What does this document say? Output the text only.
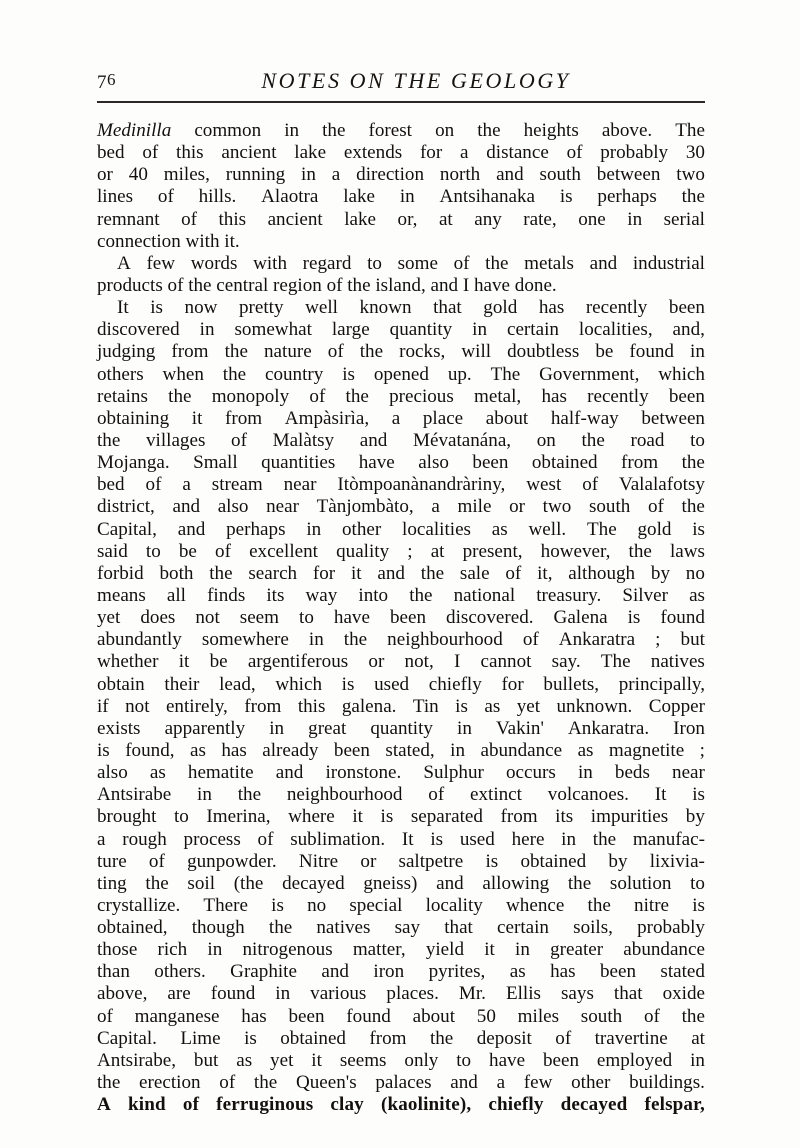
76	NOTES ON THE GEOLOGY
Medinilla common in the forest on the heights above. The
bed of this ancient lake extends for a distance of probably 30
or 40 miles, running in a direction north and south between two
lines of hills. Alaotra lake in Antsihanaka is perhaps the
remnant of this ancient lake or, at any rate, one in serial
connection with it.
A few words with regard to some of the metals and industrial
products of the central region of the island, and I have done.
It is now pretty well known that gold has recently been
discovered in somewhat large quantity in certain localities, and,
judging from the nature of the rocks, will doubtless be found in
others when the country is opened up. The Government, which
retains the monopoly of the precious metal, has recently been
obtaining it from Ampàsirìa, a place about half-way between
the villages of Malàtsy and Mévatanána, on the road to
Mojanga. Small quantities have also been obtained from the
bed of a stream near Itòmpoanànandràriny, west of Valalafotsy
district, and also near Tànjombàto, a mile or two south of the
Capital, and perhaps in other localities as well. The gold is
said to be of excellent quality ; at present, however, the laws
forbid both the search for it and the sale of it, although by no
means all finds its way into the national treasury. Silver as
yet does not seem to have been discovered. Galena is found
abundantly somewhere in the neighbourhood of Ankaratra ; but
whether it be argentiferous or not, I cannot say. The natives
obtain their lead, which is used chiefly for bullets, principally,
if not entirely, from this galena. Tin is as yet unknown. Copper
exists apparently in great quantity in Vakin' Ankaratra. Iron
is found, as has already been stated, in abundance as magnetite ;
also as hematite and ironstone. Sulphur occurs in beds near
Antsirabe in the neighbourhood of extinct volcanoes. It is
brought to Imerina, where it is separated from its impurities by
a rough process of sublimation. It is used here in the manufac-
ture of gunpowder. Nitre or saltpetre is obtained by lixivia-
ting the soil (the decayed gneiss) and allowing the solution to
crystallize. There is no special locality whence the nitre is
obtained, though the natives say that certain soils, probably
those rich in nitrogenous matter, yield it in greater abundance
than others. Graphite and iron pyrites, as has been stated
above, are found in various places. Mr. Ellis says that oxide
of manganese has been found about 50 miles south of the
Capital. Lime is obtained from the deposit of travertine at
Antsirabe, but as yet it seems only to have been employed in
the erection of the Queen's palaces and a few other buildings.
A kind of ferruginous clay (kaolinite), chiefly decayed felspar,
